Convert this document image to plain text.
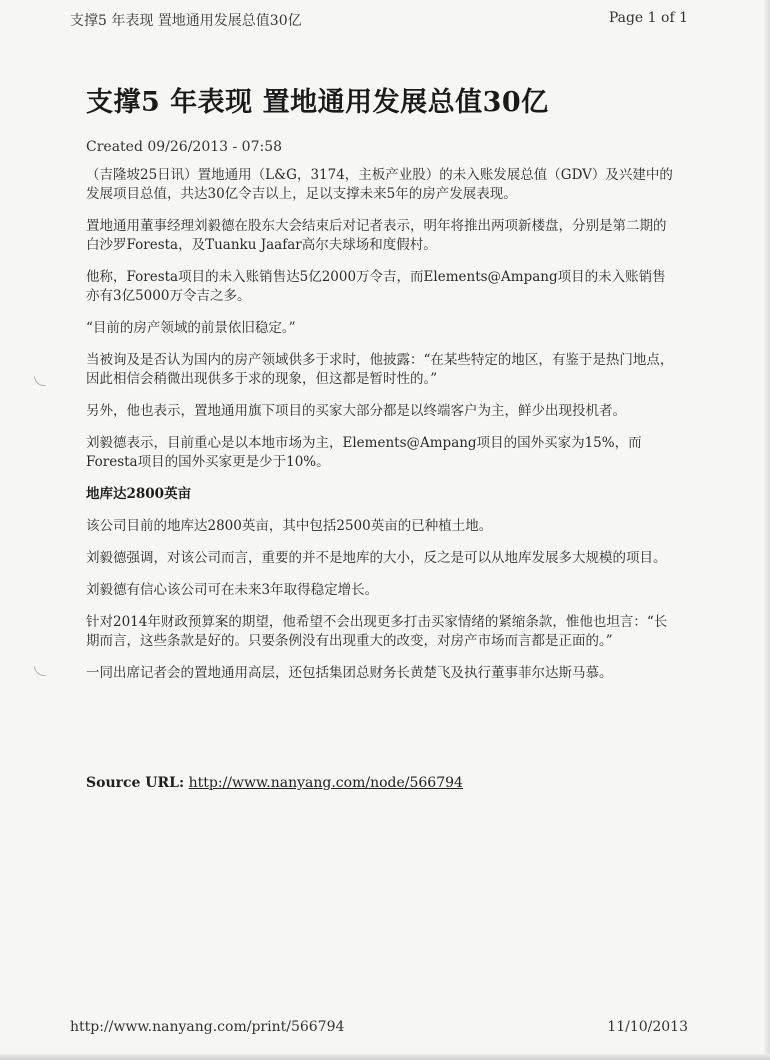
支撑5 年表现 置地通用发展总值30亿	Page 1 of 1
支撑5 年表现 置地通用发展总值30亿
Created 09/26/2013 - 07:58

（吉隆坡25日讯）置地通用（L&G，3174，主板产业股）的未入账发展总值（GDV）及兴建中的发展项目总值，共达30亿令吉以上，足以支撑未来5年的房产发展表现。

置地通用董事经理刘毅德在股东大会结束后对记者表示，明年将推出两项新楼盘，分别是第二期的白沙罗Foresta，及Tuanku Jaafar高尔夫球场和度假村。

他称，Foresta项目的未入账销售达5亿2000万令吉，而Elements@Ampang项目的未入账销售亦有3亿5000万令吉之多。

“目前的房产领域的前景依旧稳定。”

当被询及是否认为国内的房产领域供多于求时，他披露：“在某些特定的地区，有鉴于是热门地点，因此相信会稍微出现供多于求的现象，但这都是暂时性的。”

另外，他也表示，置地通用旗下项目的买家大部分都是以终端客户为主，鲜少出现投机者。

刘毅德表示，目前重心是以本地市场为主，Elements@Ampang项目的国外买家为15%，而Foresta项目的国外买家更是少于10%。

地库达2800英亩

该公司目前的地库达2800英亩，其中包括2500英亩的已种植土地。

刘毅德强调，对该公司而言，重要的并不是地库的大小，反之是可以从地库发展多大规模的项目。

刘毅德有信心该公司可在未来3年取得稳定增长。

针对2014年财政预算案的期望，他希望不会出现更多打击买家情绪的紧缩条款，惟他也坦言：“长期而言，这些条款是好的。只要条例没有出现重大的改变，对房产市场而言都是正面的。”

一同出席记者会的置地通用高层，还包括集团总财务长黄楚飞及执行董事菲尔达斯马慕。

Source URL: http://www.nanyang.com/node/566794
http://www.nanyang.com/print/566794	11/10/2013
